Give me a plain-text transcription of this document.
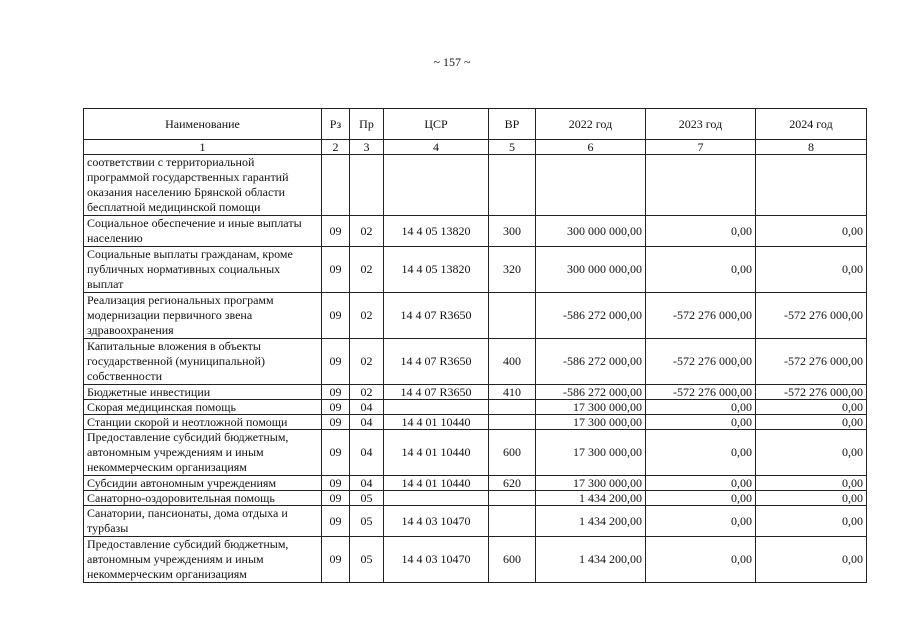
~ 157 ~
Наименование	Рз	Пр	ЦСР	ВР	2022 год	2023 год	2024 год
1	2	3	4	5	6	7	8
соответствии с территориальной программой государственных гарантий оказания населению Брянской области бесплатной медицинской помощи							
Социальное обеспечение и иные выплаты населению	09	02	14 4 05 13820	300	300 000 000,00	0,00	0,00
Социальные выплаты гражданам, кроме публичных нормативных социальных выплат	09	02	14 4 05 13820	320	300 000 000,00	0,00	0,00
Реализация региональных программ модернизации первичного звена здравоохранения	09	02	14 4 07 R3650		-586 272 000,00	-572 276 000,00	-572 276 000,00
Капитальные вложения в объекты государственной (муниципальной) собственности	09	02	14 4 07 R3650	400	-586 272 000,00	-572 276 000,00	-572 276 000,00
Бюджетные инвестиции	09	02	14 4 07 R3650	410	-586 272 000,00	-572 276 000,00	-572 276 000,00
Скорая медицинская помощь	09	04			17 300 000,00	0,00	0,00
Станции скорой и неотложной помощи	09	04	14 4 01 10440		17 300 000,00	0,00	0,00
Предоставление субсидий бюджетным, автономным учреждениям и иным некоммерческим организациям	09	04	14 4 01 10440	600	17 300 000,00	0,00	0,00
Субсидии автономным учреждениям	09	04	14 4 01 10440	620	17 300 000,00	0,00	0,00
Санаторно-оздоровительная помощь	09	05			1 434 200,00	0,00	0,00
Санатории, пансионаты, дома отдыха и турбазы	09	05	14 4 03 10470		1 434 200,00	0,00	0,00
Предоставление субсидий бюджетным, автономным учреждениям и иным некоммерческим организациям	09	05	14 4 03 10470	600	1 434 200,00	0,00	0,00
